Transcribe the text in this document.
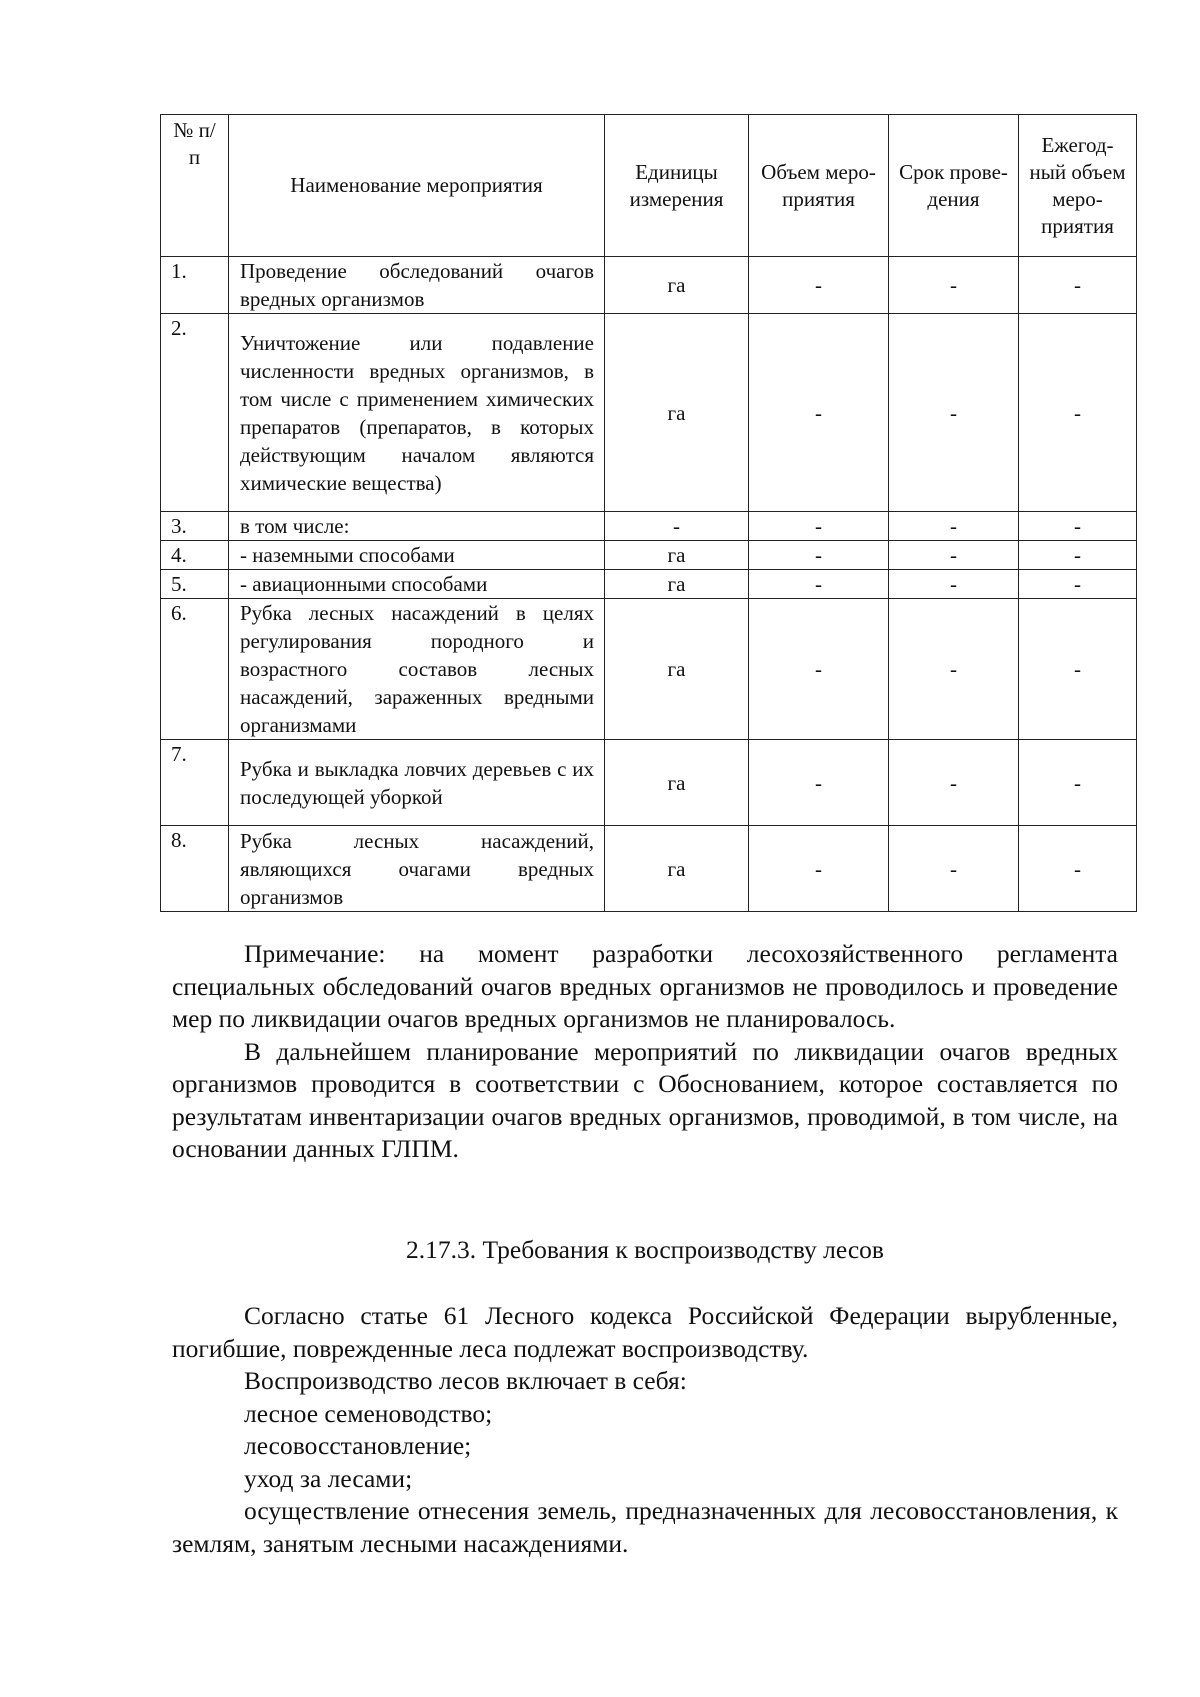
№ п/п	Наименование мероприятия	Единицы измерения	Объем меро-приятия	Срок прове-дения	Ежегод-ный объем меро-приятия
1.	Проведение обследований очагов вредных организмов	га	-	-	-
2.	Уничтожение или подавление численности вредных организмов, в том числе с применением химических препаратов (препаратов, в которых действующим началом являются химические вещества)	га	-	-	-
3.	в том числе:	-	-	-	-
4.	- наземными способами	га	-	-	-
5.	- авиационными способами	га	-	-	-
6.	Рубка лесных насаждений в целях регулирования породного и возрастного составов лесных насаждений, зараженных вредными организмами	га	-	-	-
7.	Рубка и выкладка ловчих деревьев с их последующей уборкой	га	-	-	-
8.	Рубка лесных насаждений, являющихся очагами вредных организмов	га	-	-	-

Примечание: на момент разработки лесохозяйственного регламента специальных обследований очагов вредных организмов не проводилось и проведение мер по ликвидации очагов вредных организмов не планировалось.

В дальнейшем планирование мероприятий по ликвидации очагов вредных организмов проводится в соответствии с Обоснованием, которое составляется по результатам инвентаризации очагов вредных организмов, проводимой, в том числе, на основании данных ГЛПМ.

2.17.3. Требования к воспроизводству лесов

Согласно статье 61 Лесного кодекса Российской Федерации вырубленные, погибшие, поврежденные леса подлежат воспроизводству.

Воспроизводство лесов включает в себя:

лесное семеноводство;

лесовосстановление;

уход за лесами;

осуществление отнесения земель, предназначенных для лесовосстановления, к землям, занятым лесными насаждениями.
